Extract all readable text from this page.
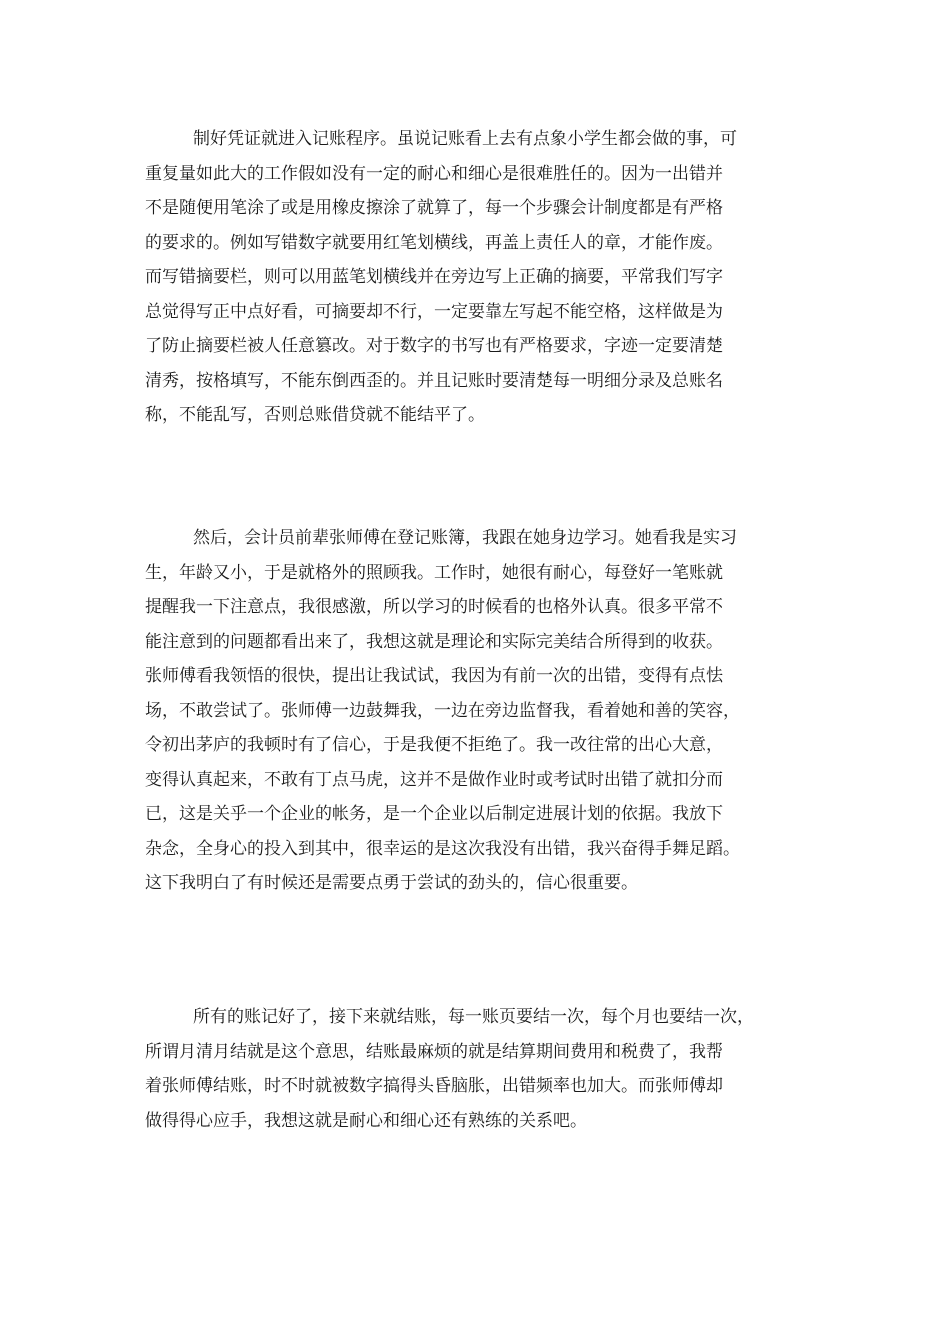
制好凭证就进入记账程序。虽说记账看上去有点象小学生都会做的事，可
重复量如此大的工作假如没有一定的耐心和细心是很难胜任的。因为一出错并
不是随便用笔涂了或是用橡皮擦涂了就算了，每一个步骤会计制度都是有严格
的要求的。例如写错数字就要用红笔划横线，再盖上责任人的章，才能作废。
而写错摘要栏，则可以用蓝笔划横线并在旁边写上正确的摘要，平常我们写字
总觉得写正中点好看，可摘要却不行，一定要靠左写起不能空格，这样做是为
了防止摘要栏被人任意篡改。对于数字的书写也有严格要求，字迹一定要清楚
清秀，按格填写，不能东倒西歪的。并且记账时要清楚每一明细分录及总账名
称，不能乱写，否则总账借贷就不能结平了。
然后，会计员前辈张师傅在登记账簿，我跟在她身边学习。她看我是实习
生，年龄又小，于是就格外的照顾我。工作时，她很有耐心，每登好一笔账就
提醒我一下注意点，我很感激，所以学习的时候看的也格外认真。很多平常不
能注意到的问题都看出来了，我想这就是理论和实际完美结合所得到的收获。
张师傅看我领悟的很快，提出让我试试，我因为有前一次的出错，变得有点怯
场，不敢尝试了。张师傅一边鼓舞我，一边在旁边监督我，看着她和善的笑容，
令初出茅庐的我顿时有了信心，于是我便不拒绝了。我一改往常的出心大意，
变得认真起来，不敢有丁点马虎，这并不是做作业时或考试时出错了就扣分而
已，这是关乎一个企业的帐务，是一个企业以后制定进展计划的依据。我放下
杂念，全身心的投入到其中，很幸运的是这次我没有出错，我兴奋得手舞足蹈。
这下我明白了有时候还是需要点勇于尝试的劲头的，信心很重要。
所有的账记好了，接下来就结账，每一账页要结一次，每个月也要结一次，
所谓月清月结就是这个意思，结账最麻烦的就是结算期间费用和税费了，我帮
着张师傅结账，时不时就被数字搞得头昏脑胀，出错频率也加大。而张师傅却
做得得心应手，我想这就是耐心和细心还有熟练的关系吧。
